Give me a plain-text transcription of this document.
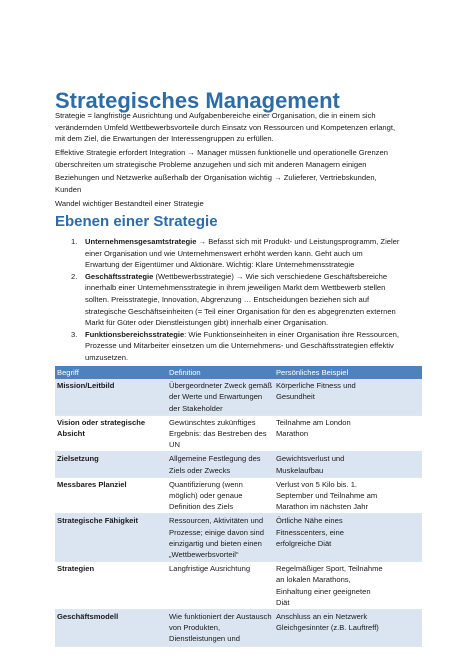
Strategisches Management

Strategie = langfristige Ausrichtung und Aufgabenbereiche einer Organisation, die in einem sich
verändernden Umfeld Wettbewerbsvorteile durch Einsatz von Ressourcen und Kompetenzen erlangt,
mit dem Ziel, die Erwartungen der Interessengruppen zu erfüllen.

Effektive Strategie erfordert Integration → Manager müssen funktionelle und operationelle Grenzen
überschreiten um strategische Probleme anzugehen und sich mit anderen Managern einigen

Beziehungen und Netzwerke außerhalb der Organisation wichtig → Zulieferer, Vertriebskunden,
Kunden

Wandel wichtiger Bestandteil einer Strategie

Ebenen einer Strategie
1. Unternehmensgesamtstrategie → Befasst sich mit Produkt- und Leistungsprogramm, Zieler
einer Organisation und wie Unternehmenswert erhöht werden kann. Geht auch um
Erwartung der Eigentümer und Aktionäre. Wichtig: Klare Unternehmensstrategie
2. Geschäftsstrategie (Wettbewerbsstrategie) → Wie sich verschiedene Geschäftsbereiche
innerhalb einer Unternehmensstrategie in ihrem jeweiligen Markt dem Wettbewerb stellen
sollten. Preisstrategie, Innovation, Abgrenzung … Entscheidungen beziehen sich auf
strategische Geschäftseinheiten (= Teil einer Organisation für den es abgegrenzten externen
Markt für Güter oder Dienstleistungen gibt) innerhalb einer Organisation.
3. Funktionsbereichsstrategie: Wie Funktionseinheiten in einer Organisation ihre Ressourcen,
Prozesse und Mitarbeiter einsetzen um die Unternehmens- und Geschäftsstrategien effektiv
umzusetzen.
Begriff	Definition	Persönliches Beispiel

Mission/Leitbild	Übergeordneter Zweck gemäß
der Werte und Erwartungen
der Stakeholder	Körperliche Fitness und
Gesundheit

Vision oder strategische
Absicht	Gewünschtes zukünftiges
Ergebnis: das Bestreben des
UN	Teilnahme am London
Marathon

Zielsetzung	Allgemeine Festlegung des
Ziels oder Zwecks	Gewichtsverlust und
Muskelaufbau

Messbares Planziel	Quantifizierung (wenn
möglich) oder genaue
Definition des Ziels	Verlust von 5 Kilo bis. 1.
September und Teilnahme am
Marathon im nächsten Jahr

Strategische Fähigkeit	Ressourcen, Aktivitäten und
Prozesse; einige davon sind
einzigartig und bieten einen
„Wettbewerbsvorteil“	Örtliche Nähe eines
Fitnesscenters, eine
erfolgreiche Diät

Strategien	Langfristige Ausrichtung	Regelmäßiger Sport, Teilnahme
an lokalen Marathons,
Einhaltung einer geeigneten
Diät

Geschäftsmodell	Wie funktioniert der Austausch
von Produkten,
Dienstleistungen und	Anschluss an ein Netzwerk
Gleichgesinnter (z.B. Lauftreff)
